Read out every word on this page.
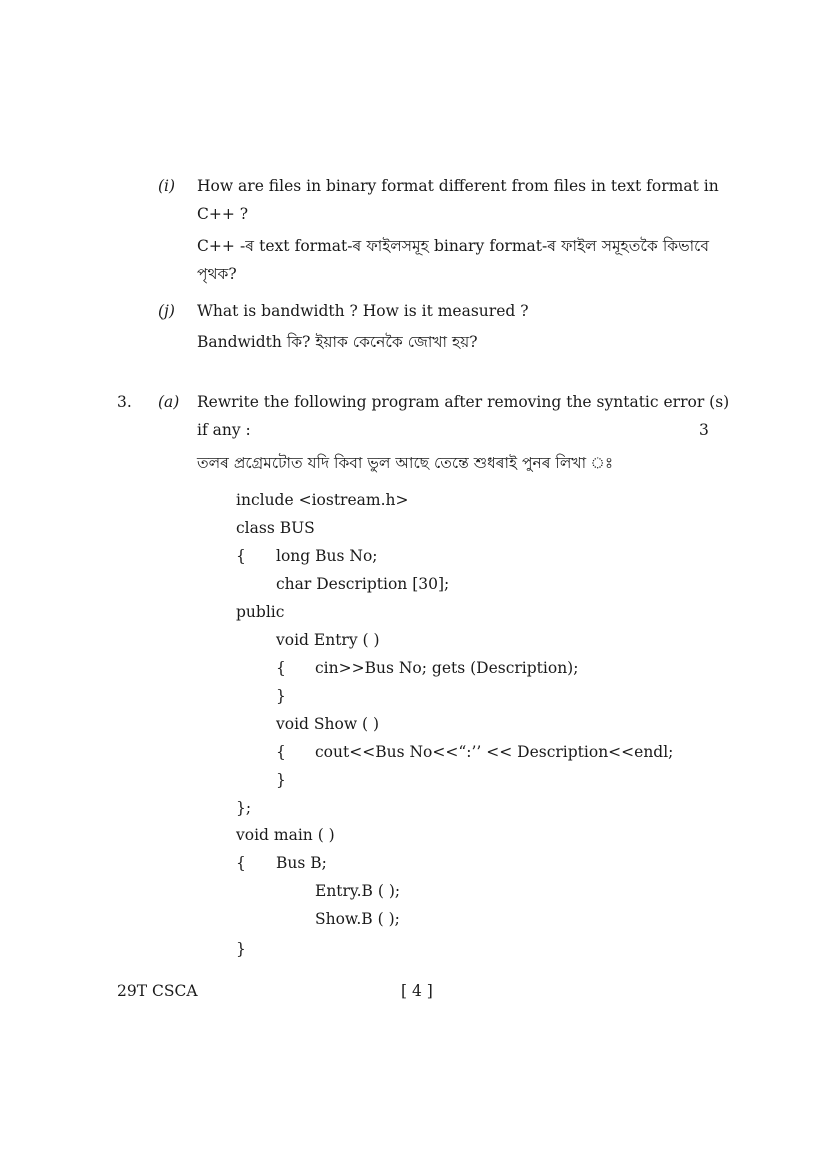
(i) How are files in binary format different from files in text format in
C++ ?
C++ -ৰ text format-ৰ ফাইলসমূহ binary format-ৰ ফাইল সমূহতকৈ কিভাবে
পৃথক?
(j) What is bandwidth ? How is it measured ?
Bandwidth কি? ইয়াক কেনেকৈ জোখা হয়?
3. (a) Rewrite the following program after removing the syntatic error (s)
if any :	3
তলৰ প্ৰগ্ৰেমটোত যদি কিবা ভুল আছে তেন্তে শুধৰাই পুনৰ লিখা ঃ
include <iostream.h>
class BUS
{ long Bus No;
char Description [30];
public
void Entry ( )
{ cin>>Bus No; gets (Description);
}
void Show ( )
{ cout<<Bus No<<“:’’ << Description<<endl;
}
};
void main ( )
{ Bus B;
Entry.B ( );
Show.B ( );
}
29T CSCA	[ 4 ]
